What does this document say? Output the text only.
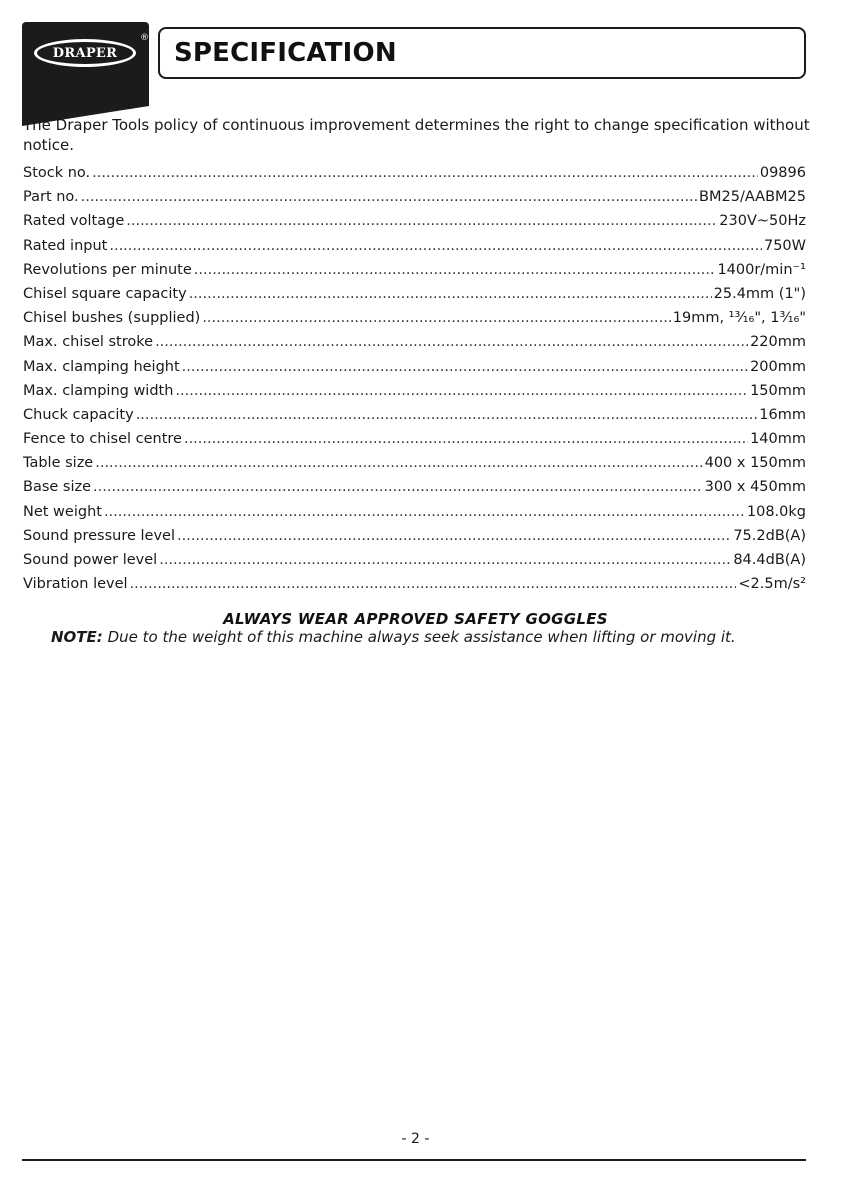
DRAPER
® SPECIFICATION
The Draper Tools policy of continuous improvement determines the right to change specification without notice.
Stock no. .....	09896
Part no. .....	BM25/AABM25
Rated voltage .....	230V~50Hz
Rated input .....	750W
Revolutions per minute .....	1400r/min⁻¹
Chisel square capacity .....	25.4mm (1")
Chisel bushes (supplied) .....	19mm, ¹³⁄₁₆", 1³⁄₁₆"
Max. chisel stroke .....	220mm
Max. clamping height .....	200mm
Max. clamping width .....	150mm
Chuck capacity .....	16mm
Fence to chisel centre .....	140mm
Table size .....	400 x 150mm
Base size .....	300 x 450mm
Net weight .....	108.0kg
Sound pressure level .....	75.2dB(A)
Sound power level .....	84.4dB(A)
Vibration level .....	<2.5m/s²
ALWAYS WEAR APPROVED SAFETY GOGGLES
NOTE: Due to the weight of this machine always seek assistance when lifting or moving it.
- 2 -
